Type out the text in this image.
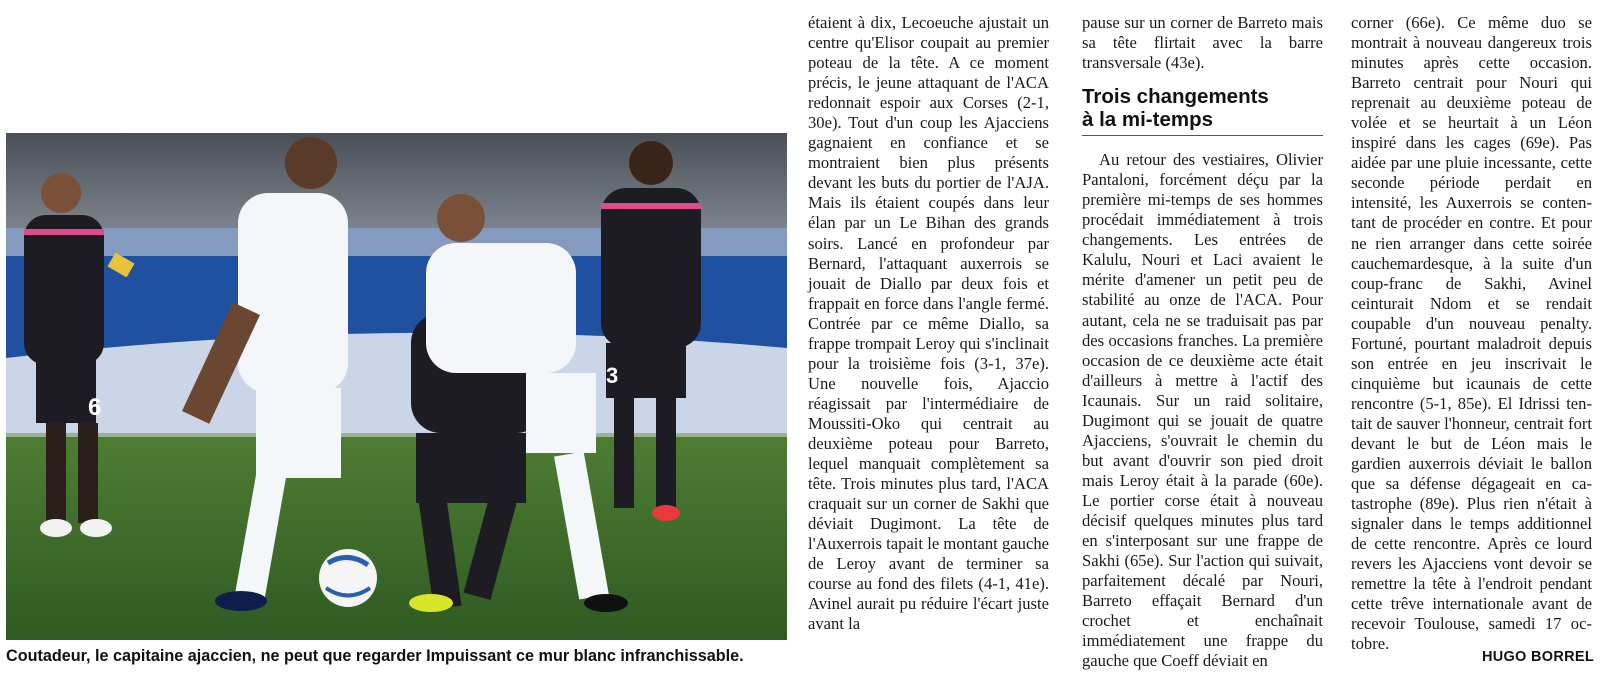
6
3
Coutadeur, le capitaine ajaccien, ne peut que regarder Impuissant ce mur blanc infranchissable.

étaient à dix, Lecoeuche ajustait un centre qu'Elisor coupait au premier poteau de la tête. A ce moment précis, le jeune attaquant de l'ACA redonnait espoir aux Corses (2-1, 30e). Tout d'un coup les Ajacciens gagnaient en confiance et se montraient bien plus présents devant les buts du portier de l'AJA. Mais ils étaient coupés dans leur élan par un Le Bihan des grands soirs. Lancé en profondeur par Bernard, l'attaquant auxerrois se jouait de Diallo par deux fois et frappait en force dans l'angle fermé. Contrée par ce même Diallo, sa frappe trompait Leroy qui s'inclinait pour la troisième fois (3-1, 37e). Une nouvelle fois, Ajaccio réagissait par l'intermédiaire de Moussiti-Oko qui centrait au deuxième poteau pour Barreto, lequel manquait complètement sa tête. Trois minutes plus tard, l'ACA craquait sur un corner de Sakhi que déviait Dugimont. La tête de l'Auxerrois tapait le montant gauche de Leroy avant de terminer sa course au fond des filets (4-1, 41e). Avinel aurait pu réduire l'écart juste avant la

pause sur un corner de Barreto mais sa tête flirtait avec la barre transversale (43e).

Trois changements
à la mi-temps

Au retour des vestiaires, Olivier Pantaloni, forcément déçu par la première mi-temps de ses hommes procédait immédiatement à trois changements. Les entrées de Kalulu, Nouri et Laci avaient le mérite d'amener un petit peu de stabilité au onze de l'ACA. Pour autant, cela ne se traduisait pas par des occasions franches. La première occasion de ce deuxième acte était d'ailleurs à mettre à l'actif des Icaunais. Sur un raid solitaire, Dugimont qui se jouait de quatre Ajacciens, s'ouvrait le chemin du but avant d'ouvrir son pied droit mais Leroy était à la parade (60e). Le portier corse était à nouveau décisif quelques minutes plus tard en s'interposant sur une frappe de Sakhi (65e). Sur l'action qui suivait, parfaitement décalé par Nouri, Barreto effaçait Bernard d'un crochet et enchaînait immédiatement une frappe du gauche que Coeff déviait en

corner (66e). Ce même duo se montrait à nouveau dangereux trois minutes après cette occasion. Barreto centrait pour Nouri qui reprenait au deuxième poteau de volée et se heurtait à un Léon inspiré dans les cages (69e). Pas aidée par une pluie incessante, cette seconde période perdait en intensité, les Auxerrois se contentant de procéder en contre. Et pour ne rien arranger dans cette soirée cauchemardesque, à la suite d'un coup-franc de Sakhi, Avinel ceinturait Ndom et se rendait coupable d'un nouveau penalty. Fortuné, pourtant maladroit depuis son entrée en jeu inscrivait le cinquième but icaunais de cette rencontre (5-1, 85e). El Idrissi tentait de sauver l'honneur, centrait fort devant le but de Léon mais le gardien auxerrois déviait le ballon que sa défense dégageait en catastrophe (89e). Plus rien n'était à signaler dans le temps additionnel de cette rencontre. Après ce lourd revers les Ajacciens vont devoir se remettre la tête à l'endroit pendant cette trêve internationale avant de recevoir Toulouse, samedi 17 octobre.

HUGO BORREL
